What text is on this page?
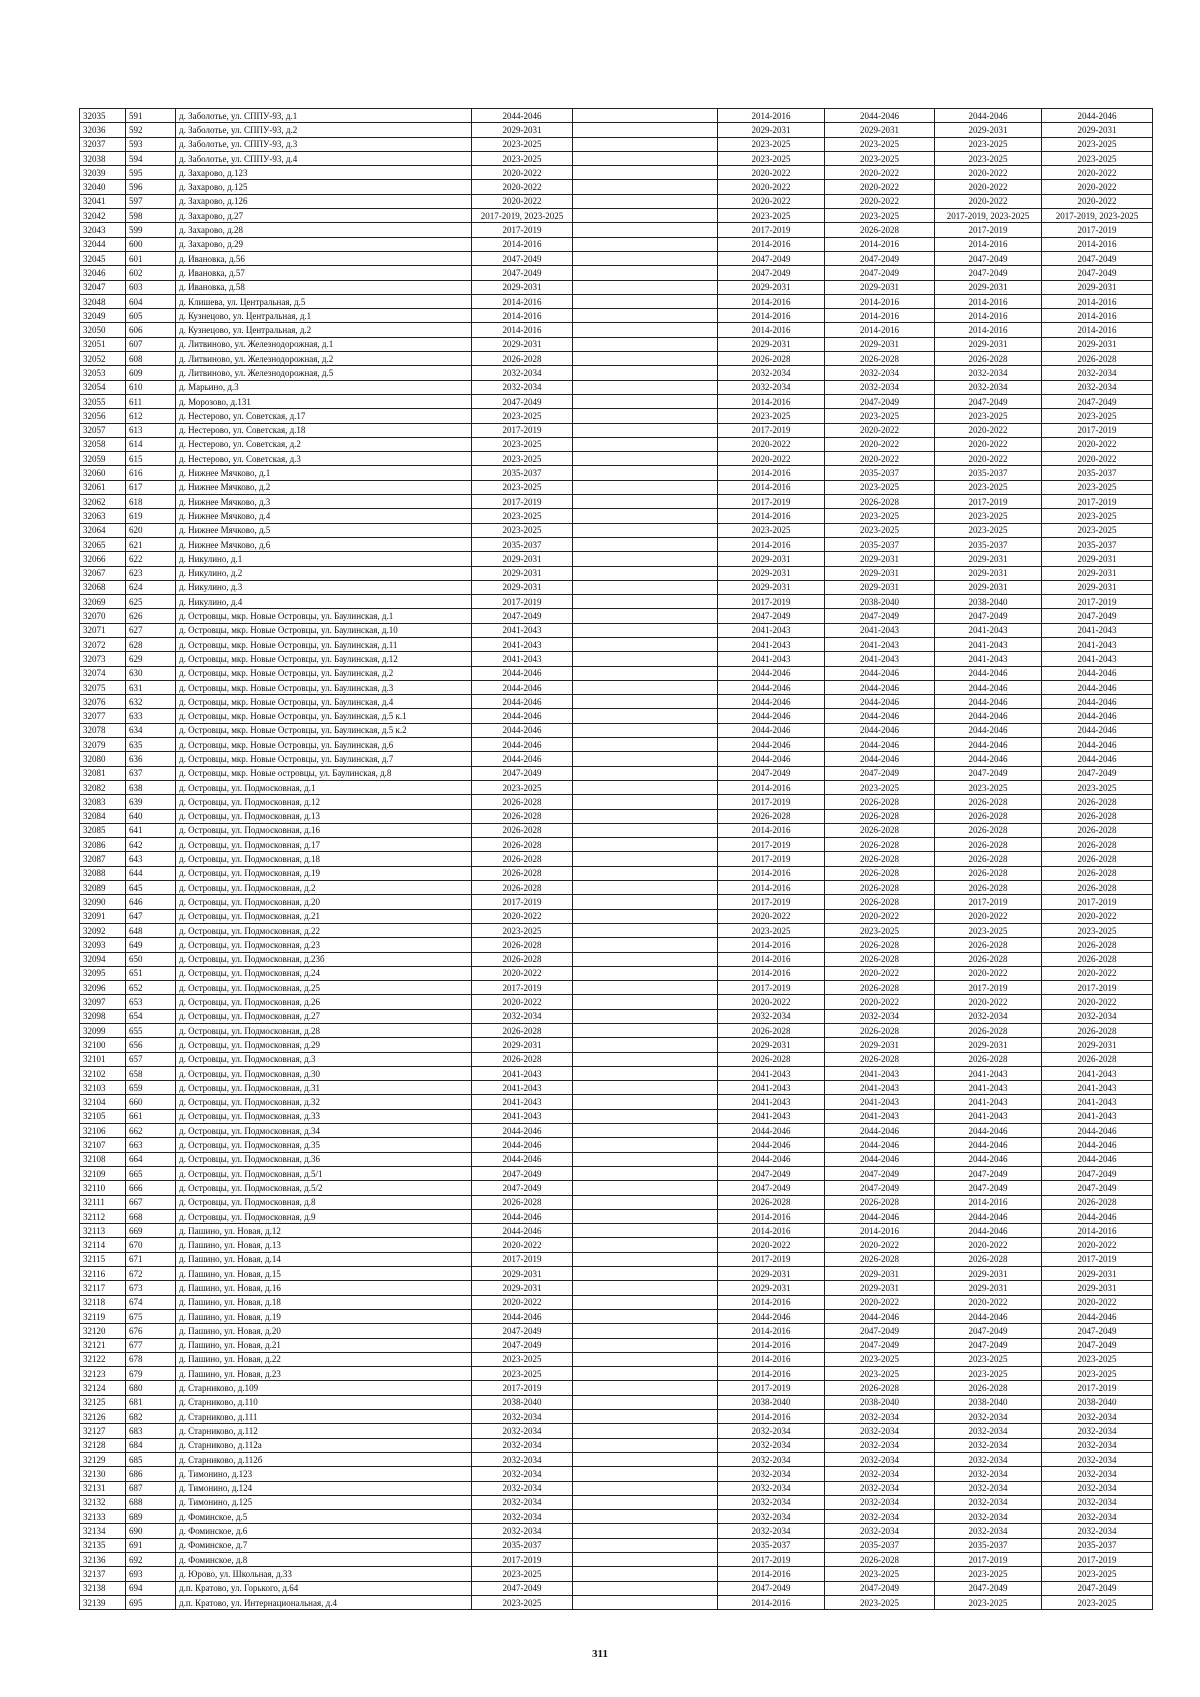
32035	591	д. Заболотье, ул. СППУ-93, д.1	2044-2046		2014-2016	2044-2046	2044-2046	2044-2046
32036	592	д. Заболотье, ул. СППУ-93, д.2	2029-2031		2029-2031	2029-2031	2029-2031	2029-2031
32037	593	д. Заболотье, ул. СППУ-93, д.3	2023-2025		2023-2025	2023-2025	2023-2025	2023-2025
32038	594	д. Заболотье, ул. СППУ-93, д.4	2023-2025		2023-2025	2023-2025	2023-2025	2023-2025
32039	595	д. Захарово, д.123	2020-2022		2020-2022	2020-2022	2020-2022	2020-2022
32040	596	д. Захарово, д.125	2020-2022		2020-2022	2020-2022	2020-2022	2020-2022
32041	597	д. Захарово, д.126	2020-2022		2020-2022	2020-2022	2020-2022	2020-2022
32042	598	д. Захарово, д.27	2017-2019, 2023-2025		2023-2025	2023-2025	2017-2019, 2023-2025	2017-2019, 2023-2025
32043	599	д. Захарово, д.28	2017-2019		2017-2019	2026-2028	2017-2019	2017-2019
32044	600	д. Захарово, д.29	2014-2016		2014-2016	2014-2016	2014-2016	2014-2016
32045	601	д. Ивановка, д.56	2047-2049		2047-2049	2047-2049	2047-2049	2047-2049
32046	602	д. Ивановка, д.57	2047-2049		2047-2049	2047-2049	2047-2049	2047-2049
32047	603	д. Ивановка, д.58	2029-2031		2029-2031	2029-2031	2029-2031	2029-2031
32048	604	д. Клишева, ул. Центральная, д.5	2014-2016		2014-2016	2014-2016	2014-2016	2014-2016
32049	605	д. Кузнецово, ул. Центральная, д.1	2014-2016		2014-2016	2014-2016	2014-2016	2014-2016
32050	606	д. Кузнецово, ул. Центральная, д.2	2014-2016		2014-2016	2014-2016	2014-2016	2014-2016
32051	607	д. Литвиново, ул. Железнодорожная, д.1	2029-2031		2029-2031	2029-2031	2029-2031	2029-2031
32052	608	д. Литвиново, ул. Железнодорожная, д.2	2026-2028		2026-2028	2026-2028	2026-2028	2026-2028
32053	609	д. Литвиново, ул. Железнодорожная, д.5	2032-2034		2032-2034	2032-2034	2032-2034	2032-2034
32054	610	д. Марьино, д.3	2032-2034		2032-2034	2032-2034	2032-2034	2032-2034
32055	611	д. Морозово, д.131	2047-2049		2014-2016	2047-2049	2047-2049	2047-2049
32056	612	д. Нестерово, ул. Советская, д.17	2023-2025		2023-2025	2023-2025	2023-2025	2023-2025
32057	613	д. Нестерово, ул. Советская, д.18	2017-2019		2017-2019	2020-2022	2020-2022	2017-2019
32058	614	д. Нестерово, ул. Советская, д.2	2023-2025		2020-2022	2020-2022	2020-2022	2020-2022
32059	615	д. Нестерово, ул. Советская, д.3	2023-2025		2020-2022	2020-2022	2020-2022	2020-2022
32060	616	д. Нижнее Мячково, д.1	2035-2037		2014-2016	2035-2037	2035-2037	2035-2037
32061	617	д. Нижнее Мячково, д.2	2023-2025		2014-2016	2023-2025	2023-2025	2023-2025
32062	618	д. Нижнее Мячково, д.3	2017-2019		2017-2019	2026-2028	2017-2019	2017-2019
32063	619	д. Нижнее Мячково, д.4	2023-2025		2014-2016	2023-2025	2023-2025	2023-2025
32064	620	д. Нижнее Мячково, д.5	2023-2025		2023-2025	2023-2025	2023-2025	2023-2025
32065	621	д. Нижнее Мячково, д.6	2035-2037		2014-2016	2035-2037	2035-2037	2035-2037
32066	622	д. Никулино, д.1	2029-2031		2029-2031	2029-2031	2029-2031	2029-2031
32067	623	д. Никулино, д.2	2029-2031		2029-2031	2029-2031	2029-2031	2029-2031
32068	624	д. Никулино, д.3	2029-2031		2029-2031	2029-2031	2029-2031	2029-2031
32069	625	д. Никулино, д.4	2017-2019		2017-2019	2038-2040	2038-2040	2017-2019
32070	626	д. Островцы, мкр. Новые Островцы, ул. Баулинская, д.1	2047-2049		2047-2049	2047-2049	2047-2049	2047-2049
32071	627	д. Островцы, мкр. Новые Островцы, ул. Баулинская, д.10	2041-2043		2041-2043	2041-2043	2041-2043	2041-2043
32072	628	д. Островцы, мкр. Новые Островцы, ул. Баулинская, д.11	2041-2043		2041-2043	2041-2043	2041-2043	2041-2043
32073	629	д. Островцы, мкр. Новые Островцы, ул. Баулинская, д.12	2041-2043		2041-2043	2041-2043	2041-2043	2041-2043
32074	630	д. Островцы, мкр. Новые Островцы, ул. Баулинская, д.2	2044-2046		2044-2046	2044-2046	2044-2046	2044-2046
32075	631	д. Островцы, мкр. Новые Островцы, ул. Баулинская, д.3	2044-2046		2044-2046	2044-2046	2044-2046	2044-2046
32076	632	д. Островцы, мкр. Новые Островцы, ул. Баулинская, д.4	2044-2046		2044-2046	2044-2046	2044-2046	2044-2046
32077	633	д. Островцы, мкр. Новые Островцы, ул. Баулинская, д.5 к.1	2044-2046		2044-2046	2044-2046	2044-2046	2044-2046
32078	634	д. Островцы, мкр. Новые Островцы, ул. Баулинская, д.5 к.2	2044-2046		2044-2046	2044-2046	2044-2046	2044-2046
32079	635	д. Островцы, мкр. Новые Островцы, ул. Баулинская, д.6	2044-2046		2044-2046	2044-2046	2044-2046	2044-2046
32080	636	д. Островцы, мкр. Новые Островцы, ул. Баулинская, д.7	2044-2046		2044-2046	2044-2046	2044-2046	2044-2046
32081	637	д. Островцы, мкр. Новые островцы, ул. Баулинская, д.8	2047-2049		2047-2049	2047-2049	2047-2049	2047-2049
32082	638	д. Островцы, ул. Подмосковная, д.1	2023-2025		2014-2016	2023-2025	2023-2025	2023-2025
32083	639	д. Островцы, ул. Подмосковная, д.12	2026-2028		2017-2019	2026-2028	2026-2028	2026-2028
32084	640	д. Островцы, ул. Подмосковная, д.13	2026-2028		2026-2028	2026-2028	2026-2028	2026-2028
32085	641	д. Островцы, ул. Подмосковная, д.16	2026-2028		2014-2016	2026-2028	2026-2028	2026-2028
32086	642	д. Островцы, ул. Подмосковная, д.17	2026-2028		2017-2019	2026-2028	2026-2028	2026-2028
32087	643	д. Островцы, ул. Подмосковная, д.18	2026-2028		2017-2019	2026-2028	2026-2028	2026-2028
32088	644	д. Островцы, ул. Подмосковная, д.19	2026-2028		2014-2016	2026-2028	2026-2028	2026-2028
32089	645	д. Островцы, ул. Подмосковная, д.2	2026-2028		2014-2016	2026-2028	2026-2028	2026-2028
32090	646	д. Островцы, ул. Подмосковная, д.20	2017-2019		2017-2019	2026-2028	2017-2019	2017-2019
32091	647	д. Островцы, ул. Подмосковная, д.21	2020-2022		2020-2022	2020-2022	2020-2022	2020-2022
32092	648	д. Островцы, ул. Подмосковная, д.22	2023-2025		2023-2025	2023-2025	2023-2025	2023-2025
32093	649	д. Островцы, ул. Подмосковная, д.23	2026-2028		2014-2016	2026-2028	2026-2028	2026-2028
32094	650	д. Островцы, ул. Подмосковная, д.23б	2026-2028		2014-2016	2026-2028	2026-2028	2026-2028
32095	651	д. Островцы, ул. Подмосковная, д.24	2020-2022		2014-2016	2020-2022	2020-2022	2020-2022
32096	652	д. Островцы, ул. Подмосковная, д.25	2017-2019		2017-2019	2026-2028	2017-2019	2017-2019
32097	653	д. Островцы, ул. Подмосковная, д.26	2020-2022		2020-2022	2020-2022	2020-2022	2020-2022
32098	654	д. Островцы, ул. Подмосковная, д.27	2032-2034		2032-2034	2032-2034	2032-2034	2032-2034
32099	655	д. Островцы, ул. Подмосковная, д.28	2026-2028		2026-2028	2026-2028	2026-2028	2026-2028
32100	656	д. Островцы, ул. Подмосковная, д.29	2029-2031		2029-2031	2029-2031	2029-2031	2029-2031
32101	657	д. Островцы, ул. Подмосковная, д.3	2026-2028		2026-2028	2026-2028	2026-2028	2026-2028
32102	658	д. Островцы, ул. Подмосковная, д.30	2041-2043		2041-2043	2041-2043	2041-2043	2041-2043
32103	659	д. Островцы, ул. Подмосковная, д.31	2041-2043		2041-2043	2041-2043	2041-2043	2041-2043
32104	660	д. Островцы, ул. Подмосковная, д.32	2041-2043		2041-2043	2041-2043	2041-2043	2041-2043
32105	661	д. Островцы, ул. Подмосковная, д.33	2041-2043		2041-2043	2041-2043	2041-2043	2041-2043
32106	662	д. Островцы, ул. Подмосковная, д.34	2044-2046		2044-2046	2044-2046	2044-2046	2044-2046
32107	663	д. Островцы, ул. Подмосковная, д.35	2044-2046		2044-2046	2044-2046	2044-2046	2044-2046
32108	664	д. Островцы, ул. Подмосковная, д.36	2044-2046		2044-2046	2044-2046	2044-2046	2044-2046
32109	665	д. Островцы, ул. Подмосковная, д.5/1	2047-2049		2047-2049	2047-2049	2047-2049	2047-2049
32110	666	д. Островцы, ул. Подмосковная, д.5/2	2047-2049		2047-2049	2047-2049	2047-2049	2047-2049
32111	667	д. Островцы, ул. Подмосковная, д.8	2026-2028		2026-2028	2026-2028	2014-2016	2026-2028
32112	668	д. Островцы, ул. Подмосковная, д.9	2044-2046		2014-2016	2044-2046	2044-2046	2044-2046
32113	669	д. Пашино, ул. Новая, д.12	2044-2046		2014-2016	2014-2016	2044-2046	2014-2016
32114	670	д. Пашино, ул. Новая, д.13	2020-2022		2020-2022	2020-2022	2020-2022	2020-2022
32115	671	д. Пашино, ул. Новая, д.14	2017-2019		2017-2019	2026-2028	2026-2028	2017-2019
32116	672	д. Пашино, ул. Новая, д.15	2029-2031		2029-2031	2029-2031	2029-2031	2029-2031
32117	673	д. Пашино, ул. Новая, д.16	2029-2031		2029-2031	2029-2031	2029-2031	2029-2031
32118	674	д. Пашино, ул. Новая, д.18	2020-2022		2014-2016	2020-2022	2020-2022	2020-2022
32119	675	д. Пашино, ул. Новая, д.19	2044-2046		2044-2046	2044-2046	2044-2046	2044-2046
32120	676	д. Пашино, ул. Новая, д.20	2047-2049		2014-2016	2047-2049	2047-2049	2047-2049
32121	677	д. Пашино, ул. Новая, д.21	2047-2049		2014-2016	2047-2049	2047-2049	2047-2049
32122	678	д. Пашино, ул. Новая, д.22	2023-2025		2014-2016	2023-2025	2023-2025	2023-2025
32123	679	д. Пашино, ул. Новая, д.23	2023-2025		2014-2016	2023-2025	2023-2025	2023-2025
32124	680	д. Старниково, д.109	2017-2019		2017-2019	2026-2028	2026-2028	2017-2019
32125	681	д. Старниково, д.110	2038-2040		2038-2040	2038-2040	2038-2040	2038-2040
32126	682	д. Старниково, д.111	2032-2034		2014-2016	2032-2034	2032-2034	2032-2034
32127	683	д. Старниково, д.112	2032-2034		2032-2034	2032-2034	2032-2034	2032-2034
32128	684	д. Старниково, д.112а	2032-2034		2032-2034	2032-2034	2032-2034	2032-2034
32129	685	д. Старниково, д.112б	2032-2034		2032-2034	2032-2034	2032-2034	2032-2034
32130	686	д. Тимонино, д.123	2032-2034		2032-2034	2032-2034	2032-2034	2032-2034
32131	687	д. Тимонино, д.124	2032-2034		2032-2034	2032-2034	2032-2034	2032-2034
32132	688	д. Тимонино, д.125	2032-2034		2032-2034	2032-2034	2032-2034	2032-2034
32133	689	д. Фоминское, д.5	2032-2034		2032-2034	2032-2034	2032-2034	2032-2034
32134	690	д. Фоминское, д.6	2032-2034		2032-2034	2032-2034	2032-2034	2032-2034
32135	691	д. Фоминское, д.7	2035-2037		2035-2037	2035-2037	2035-2037	2035-2037
32136	692	д. Фоминское, д.8	2017-2019		2017-2019	2026-2028	2017-2019	2017-2019
32137	693	д. Юрово, ул. Школьная, д.33	2023-2025		2014-2016	2023-2025	2023-2025	2023-2025
32138	694	д.п. Кратово, ул. Горького, д.64	2047-2049		2047-2049	2047-2049	2047-2049	2047-2049
32139	695	д.п. Кратово, ул. Интернациональная, д.4	2023-2025		2014-2016	2023-2025	2023-2025	2023-2025
311
